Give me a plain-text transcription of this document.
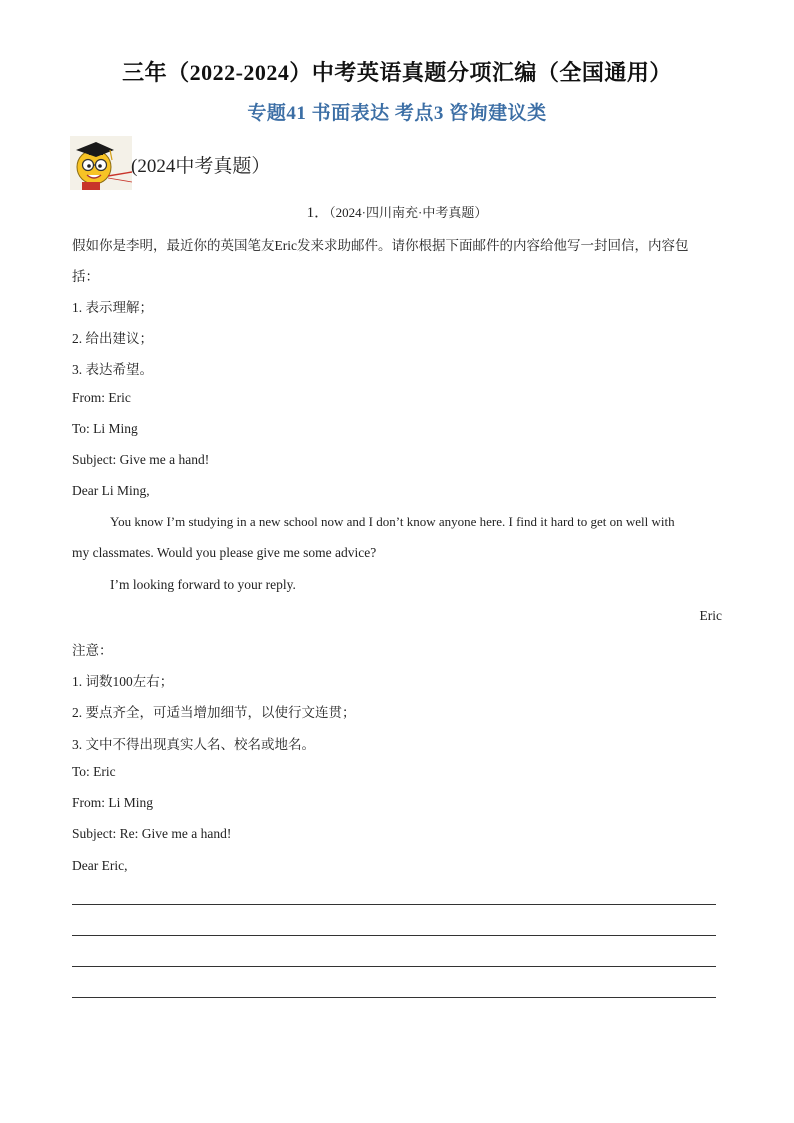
三年（2022-2024）中考英语真题分项汇编（全国通用）
专题41 书面表达 考点3 咨询建议类
(2024中考真题）
1．（2024·四川南充·中考真题）
假如你是李明，最近你的英国笔友Eric发来求助邮件。请你根据下面邮件的内容给他写一封回信，内容包
括：
1. 表示理解；
2. 给出建议；
3. 表达希望。
From: Eric
To: Li Ming
Subject: Give me a hand!
Dear Li Ming,
You know I’m studying in a new school now and I don’t know anyone here. I find it hard to get on well with
my classmates. Would you please give me some advice?
I’m looking forward to your reply.
Eric
注意：
1. 词数100左右；
2. 要点齐全，可适当增加细节，以使行文连贯；
3. 文中不得出现真实人名、校名或地名。
To: Eric
From: Li Ming
Subject: Re: Give me a hand!
Dear Eric,
